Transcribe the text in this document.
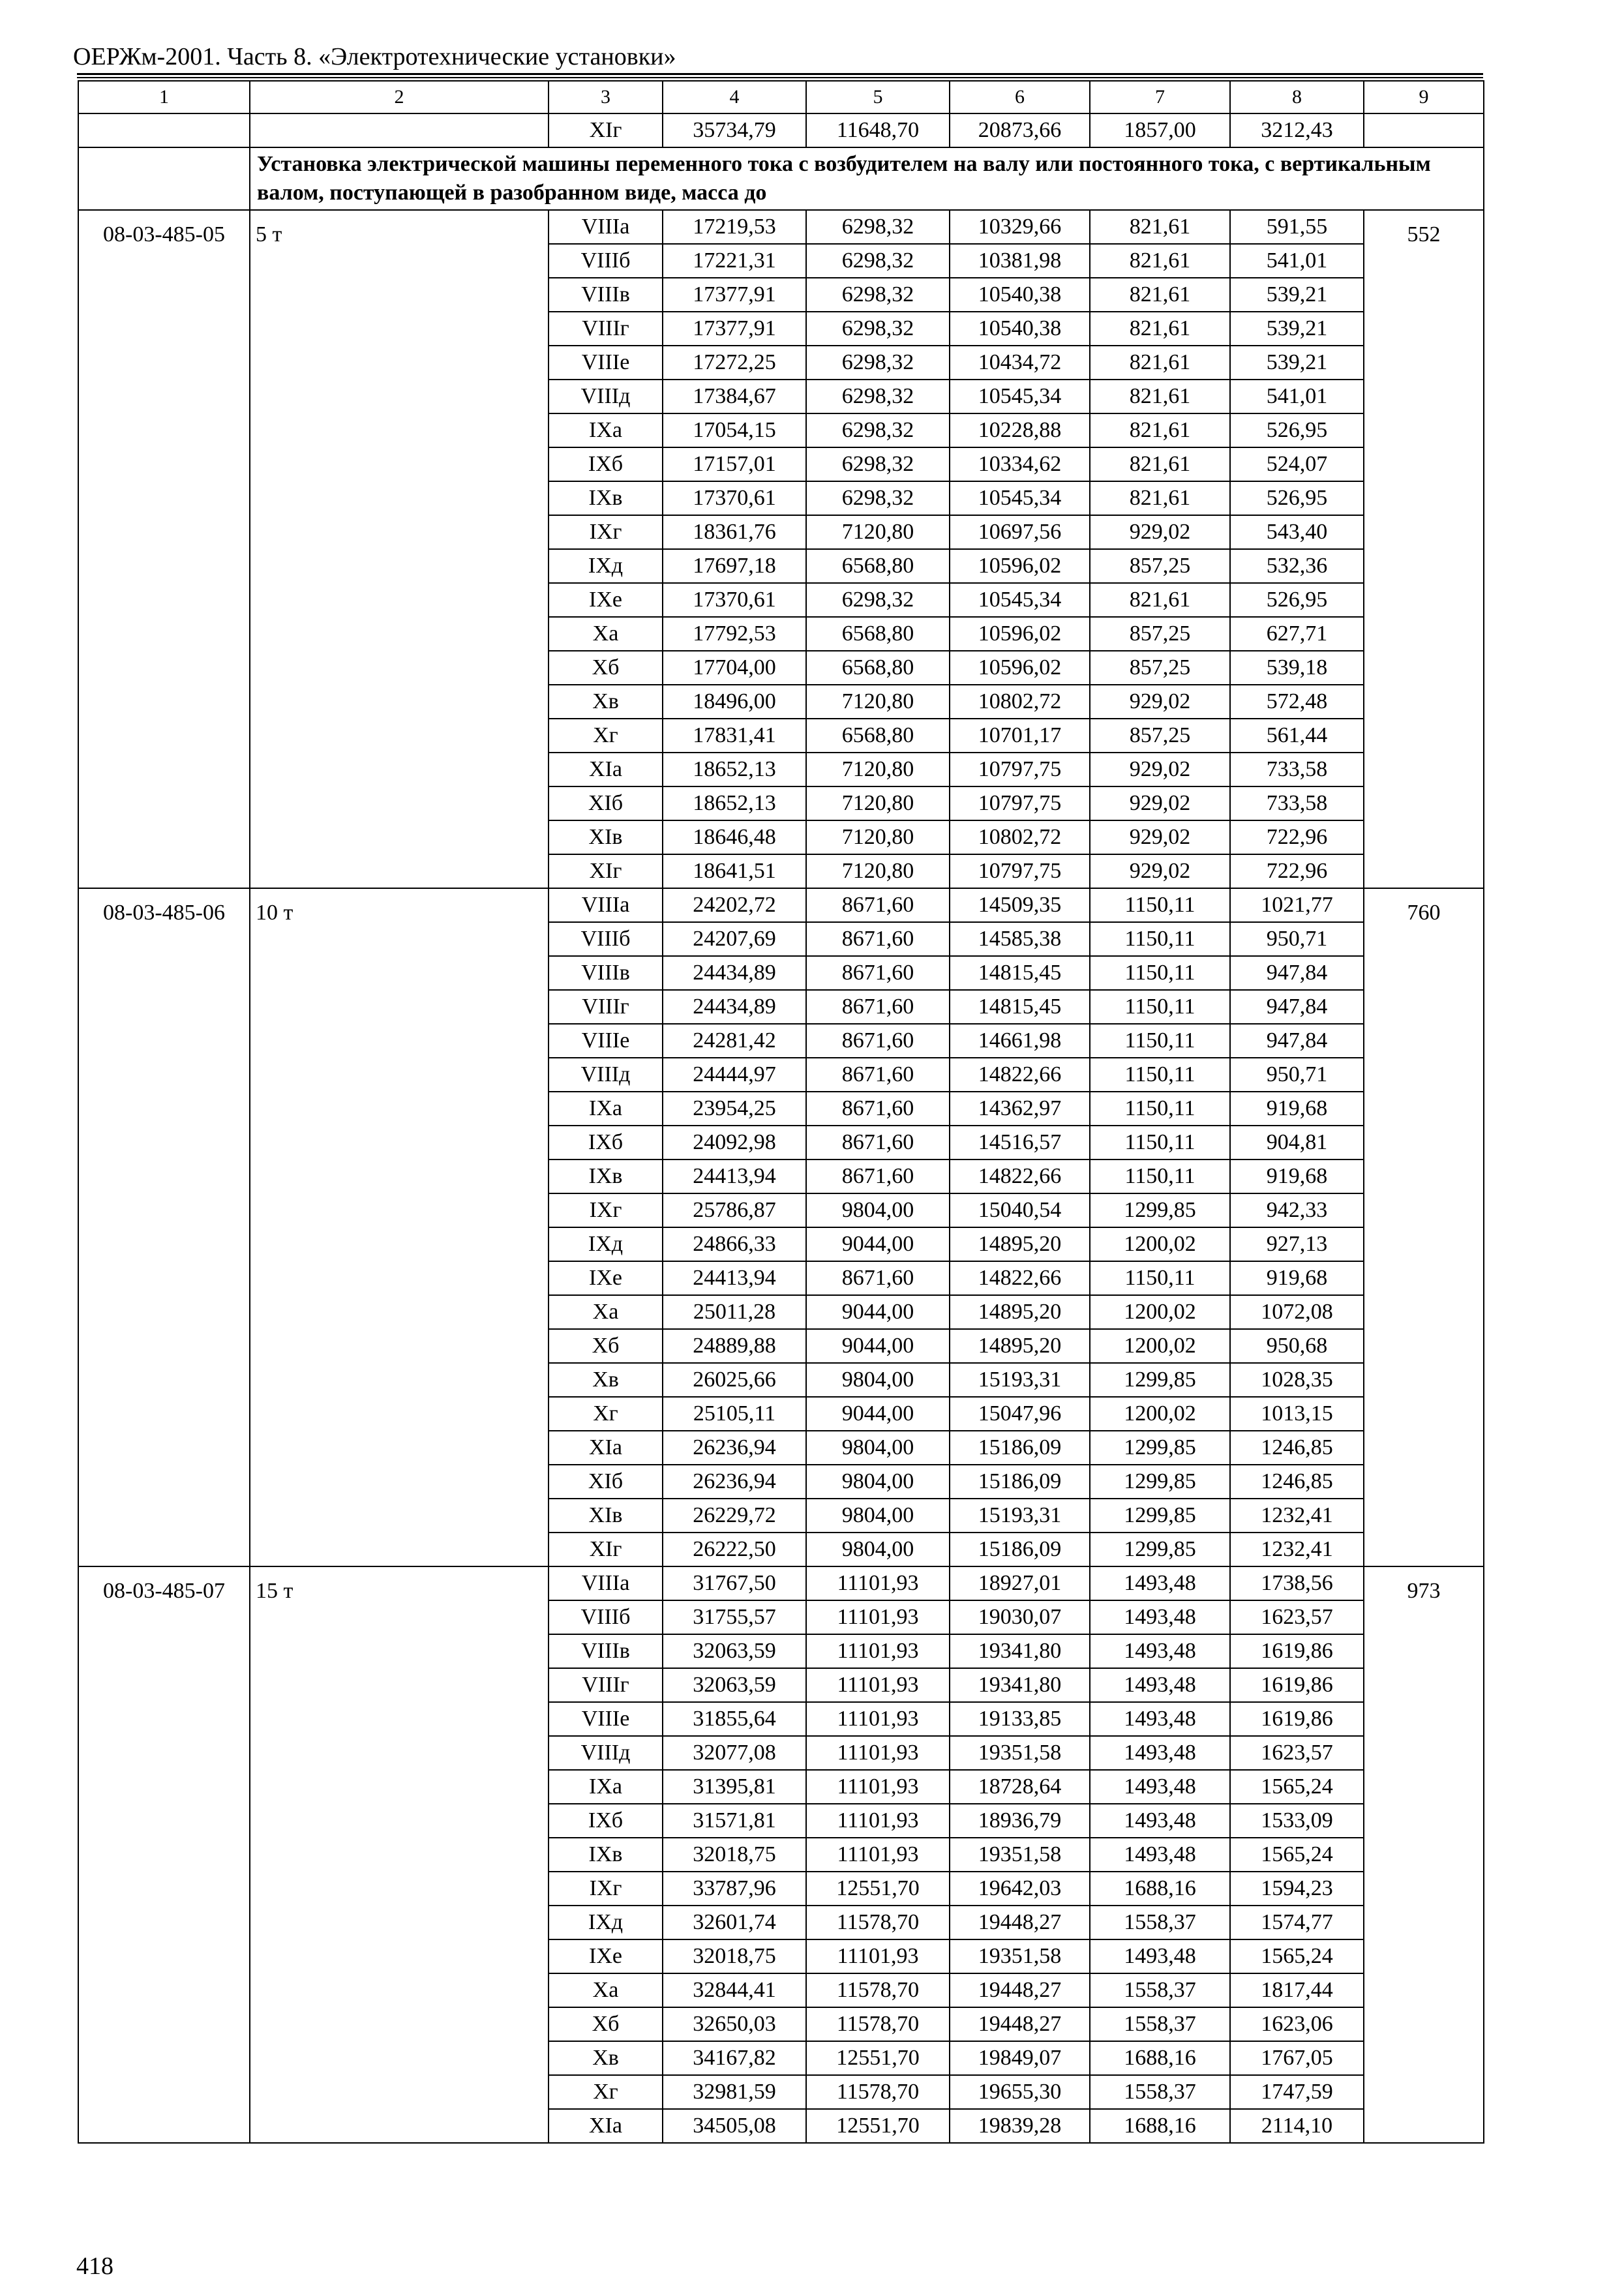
ОЕРЖм-2001. Часть 8. «Электротехнические установки»
1	2	3	4	5	6	7	8	9
		XIг	35734,79	11648,70	20873,66	1857,00	3212,43	
	Установка электрической машины переменного тока с возбудителем на валу или постоянного тока, с вертикальным валом, поступающей в разобранном виде, масса до							
08-03-485-05	5 т	VIIIа	17219,53	6298,32	10329,66	821,61	591,55	552
		VIIIб	17221,31	6298,32	10381,98	821,61	541,01	
		VIIIв	17377,91	6298,32	10540,38	821,61	539,21	
		VIIIг	17377,91	6298,32	10540,38	821,61	539,21	
		VIIIе	17272,25	6298,32	10434,72	821,61	539,21	
		VIIIд	17384,67	6298,32	10545,34	821,61	541,01	
		IXа	17054,15	6298,32	10228,88	821,61	526,95	
		IXб	17157,01	6298,32	10334,62	821,61	524,07	
		IXв	17370,61	6298,32	10545,34	821,61	526,95	
		IXг	18361,76	7120,80	10697,56	929,02	543,40	
		IXд	17697,18	6568,80	10596,02	857,25	532,36	
		IXе	17370,61	6298,32	10545,34	821,61	526,95	
		Xа	17792,53	6568,80	10596,02	857,25	627,71	
		Xб	17704,00	6568,80	10596,02	857,25	539,18	
		Xв	18496,00	7120,80	10802,72	929,02	572,48	
		Xг	17831,41	6568,80	10701,17	857,25	561,44	
		XIа	18652,13	7120,80	10797,75	929,02	733,58	
		XIб	18652,13	7120,80	10797,75	929,02	733,58	
		XIв	18646,48	7120,80	10802,72	929,02	722,96	
		XIг	18641,51	7120,80	10797,75	929,02	722,96	
08-03-485-06	10 т	VIIIа	24202,72	8671,60	14509,35	1150,11	1021,77	760
		VIIIб	24207,69	8671,60	14585,38	1150,11	950,71	
		VIIIв	24434,89	8671,60	14815,45	1150,11	947,84	
		VIIIг	24434,89	8671,60	14815,45	1150,11	947,84	
		VIIIе	24281,42	8671,60	14661,98	1150,11	947,84	
		VIIIд	24444,97	8671,60	14822,66	1150,11	950,71	
		IXа	23954,25	8671,60	14362,97	1150,11	919,68	
		IXб	24092,98	8671,60	14516,57	1150,11	904,81	
		IXв	24413,94	8671,60	14822,66	1150,11	919,68	
		IXг	25786,87	9804,00	15040,54	1299,85	942,33	
		IXд	24866,33	9044,00	14895,20	1200,02	927,13	
		IXе	24413,94	8671,60	14822,66	1150,11	919,68	
		Xа	25011,28	9044,00	14895,20	1200,02	1072,08	
		Xб	24889,88	9044,00	14895,20	1200,02	950,68	
		Xв	26025,66	9804,00	15193,31	1299,85	1028,35	
		Xг	25105,11	9044,00	15047,96	1200,02	1013,15	
		XIа	26236,94	9804,00	15186,09	1299,85	1246,85	
		XIб	26236,94	9804,00	15186,09	1299,85	1246,85	
		XIв	26229,72	9804,00	15193,31	1299,85	1232,41	
		XIг	26222,50	9804,00	15186,09	1299,85	1232,41	
08-03-485-07	15 т	VIIIа	31767,50	11101,93	18927,01	1493,48	1738,56	973
		VIIIб	31755,57	11101,93	19030,07	1493,48	1623,57	
		VIIIв	32063,59	11101,93	19341,80	1493,48	1619,86	
		VIIIг	32063,59	11101,93	19341,80	1493,48	1619,86	
		VIIIе	31855,64	11101,93	19133,85	1493,48	1619,86	
		VIIIд	32077,08	11101,93	19351,58	1493,48	1623,57	
		IXа	31395,81	11101,93	18728,64	1493,48	1565,24	
		IXб	31571,81	11101,93	18936,79	1493,48	1533,09	
		IXв	32018,75	11101,93	19351,58	1493,48	1565,24	
		IXг	33787,96	12551,70	19642,03	1688,16	1594,23	
		IXд	32601,74	11578,70	19448,27	1558,37	1574,77	
		IXе	32018,75	11101,93	19351,58	1493,48	1565,24	
		Xа	32844,41	11578,70	19448,27	1558,37	1817,44	
		Xб	32650,03	11578,70	19448,27	1558,37	1623,06	
		Xв	34167,82	12551,70	19849,07	1688,16	1767,05	
		Xг	32981,59	11578,70	19655,30	1558,37	1747,59	
		XIа	34505,08	12551,70	19839,28	1688,16	2114,10	
418
